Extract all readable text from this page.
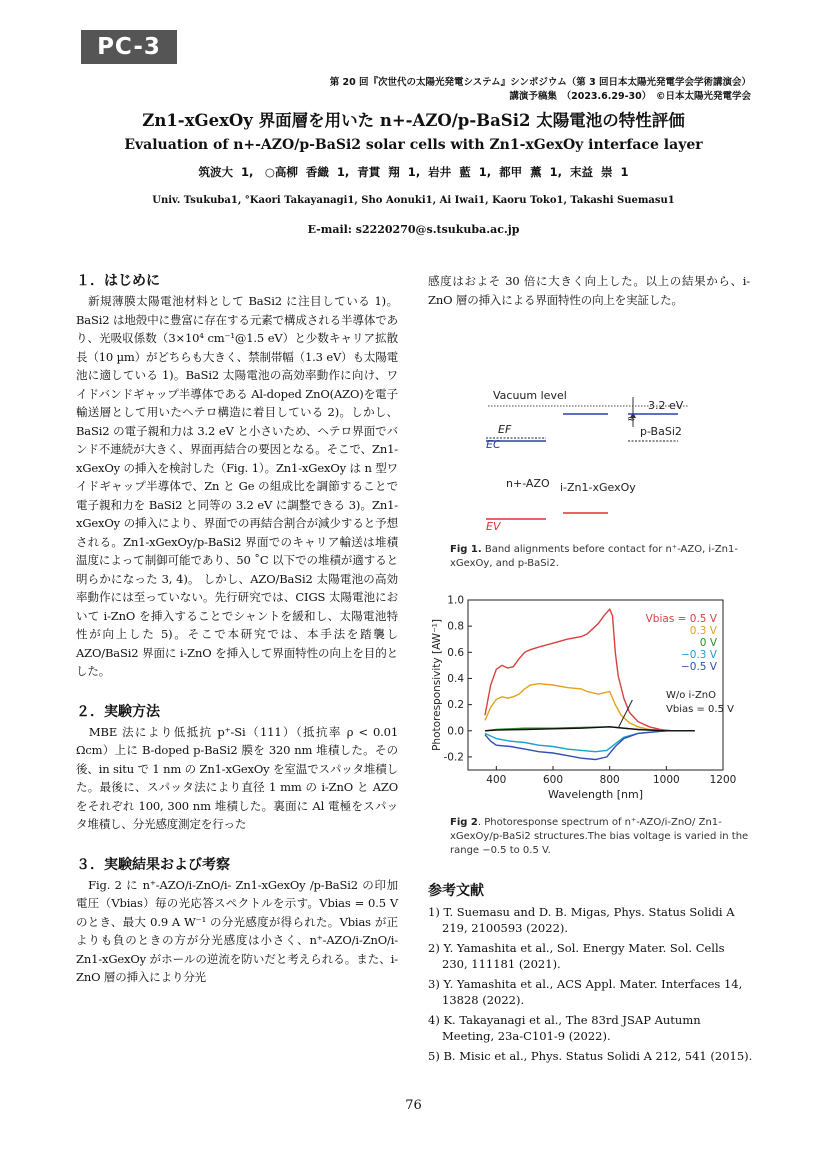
PC-3
第 20 回『次世代の太陽光発電システム』シンポジウム（第 3 回日本太陽光発電学会学術講演会）
講演予稿集　（2023.6.29-30）　©日本太陽光発電学会
Zn1-xGexOy 界面層を用いた n+-AZO/p-BaSi2 太陽電池の特性評価
Evaluation of n+-AZO/p-BaSi2 solar cells with Zn1-xGexOy interface layer
筑波大 1,　○高柳 香織 1, 青貫 翔 1, 岩井 藍 1, 都甲 薫 1, 末益 崇 1
Univ. Tsukuba1, °Kaori Takayanagi1, Sho Aonuki1, Ai Iwai1, Kaoru Toko1, Takashi Suemasu1
E-mail: s2220270@s.tsukuba.ac.jp
１．はじめに
　新規薄膜太陽電池材料として BaSi2 に注目している 1)。BaSi2 は地殻中に豊富に存在する元素で構成される半導体であり、光吸収係数（3×10⁴ cm⁻¹@1.5 eV）と少数キャリア拡散長（10 µm）がどちらも大きく、禁制帯幅（1.3 eV）も太陽電池に適している 1)。BaSi2 太陽電池の高効率動作に向け、ワイドバンドギャップ半導体である Al-doped ZnO(AZO)を電子輸送層として用いたヘテロ構造に着目している 2)。しかし、BaSi2 の電子親和力は 3.2 eV と小さいため、ヘテロ界面でバンド不連続が大きく、界面再結合の要因となる。そこで、Zn1-xGexOy の挿入を検討した（Fig. 1）。Zn1-xGexOy は n 型ワイドギャップ半導体で、Zn と Ge の組成比を調節することで電子親和力を BaSi2 と同等の 3.2 eV に調整できる 3)。Zn1-xGexOy の挿入により、界面での再結合割合が減少すると予想される。Zn1-xGexOy/p-BaSi2 界面でのキャリア輸送は堆積温度によって制御可能であり、50 ˚C 以下での堆積が適すると明らかになった 3, 4)。 しかし、AZO/BaSi2 太陽電池の高効率動作には至っていない。先行研究では、CIGS 太陽電池において i-ZnO を挿入することでシャントを緩和し、太陽電池特性が向上した 5)。そこで本研究では、本手法を踏襲し AZO/BaSi2 界面に i-ZnO を挿入して界面特性の向上を目的とした。
２．実験方法
　MBE 法により低抵抗 p⁺-Si（111）（抵抗率 ρ < 0.01 Ωcm）上に B-doped p-BaSi2 膜を 320 nm 堆積した。その後、in situ で 1 nm の Zn1-xGexOy を室温でスパッタ堆積した。最後に、スパッタ法により直径 1 mm の i-ZnO と AZO をそれぞれ 100, 300 nm 堆積した。裏面に Al 電極をスパッタ堆積し、分光感度測定を行った
３．実験結果および考察
　Fig. 2 に n⁺-AZO/i-ZnO/i- Zn1-xGexOy /p-BaSi2 の印加電圧（Vbias）毎の光応答スペクトルを示す。Vbias = 0.5 V のとき、最大 0.9 A W⁻¹ の分光感度が得られた。Vbias が正よりも負のときの方が分光感度は小さく、n⁺-AZO/i-ZnO/i-Zn1-xGexOy がホールの逆流を防いだと考えられる。また、i-ZnO 層の挿入により分光
感度はおよそ 30 倍に大きく向上した。以上の結果から、i-ZnO 層の挿入による界面特性の向上を実証した。
Vacuum level
≈
3.2 eV
p-BaSi2
EF
EC
n+-AZO i-Zn1-xGexOy
EV
Fig 1. Band alignments before contact for n⁺-AZO, i-Zn1-xGexOy, and p-BaSi2.
400	600	800	1000	1200
-0.2
0.0
0.2
0.4
0.6
0.8
1.0
Vbias = 0.5 V
0.3 V
0 V
−0.3 V
−0.5 V
W/o i-ZnO
Vbias = 0.5 V
Wavelength [nm]
Photoresponsivity [AW⁻¹]
Fig 2. Photoresponse spectrum of n⁺-AZO/i-ZnO/ Zn1-xGexOy/p-BaSi2 structures.The bias voltage is varied in the range −0.5 to 0.5 V.
参考文献
1) T. Suemasu and D. B. Migas, Phys. Status Solidi A 219, 2100593 (2022).
2) Y. Yamashita et al., Sol. Energy Mater. Sol. Cells 230, 111181 (2021).
3) Y. Yamashita et al., ACS Appl. Mater. Interfaces 14, 13828 (2022).
4) K. Takayanagi et al., The 83rd JSAP Autumn Meeting, 23a-C101-9 (2022).
5) B. Misic et al., Phys. Status Solidi A 212, 541 (2015).
76
